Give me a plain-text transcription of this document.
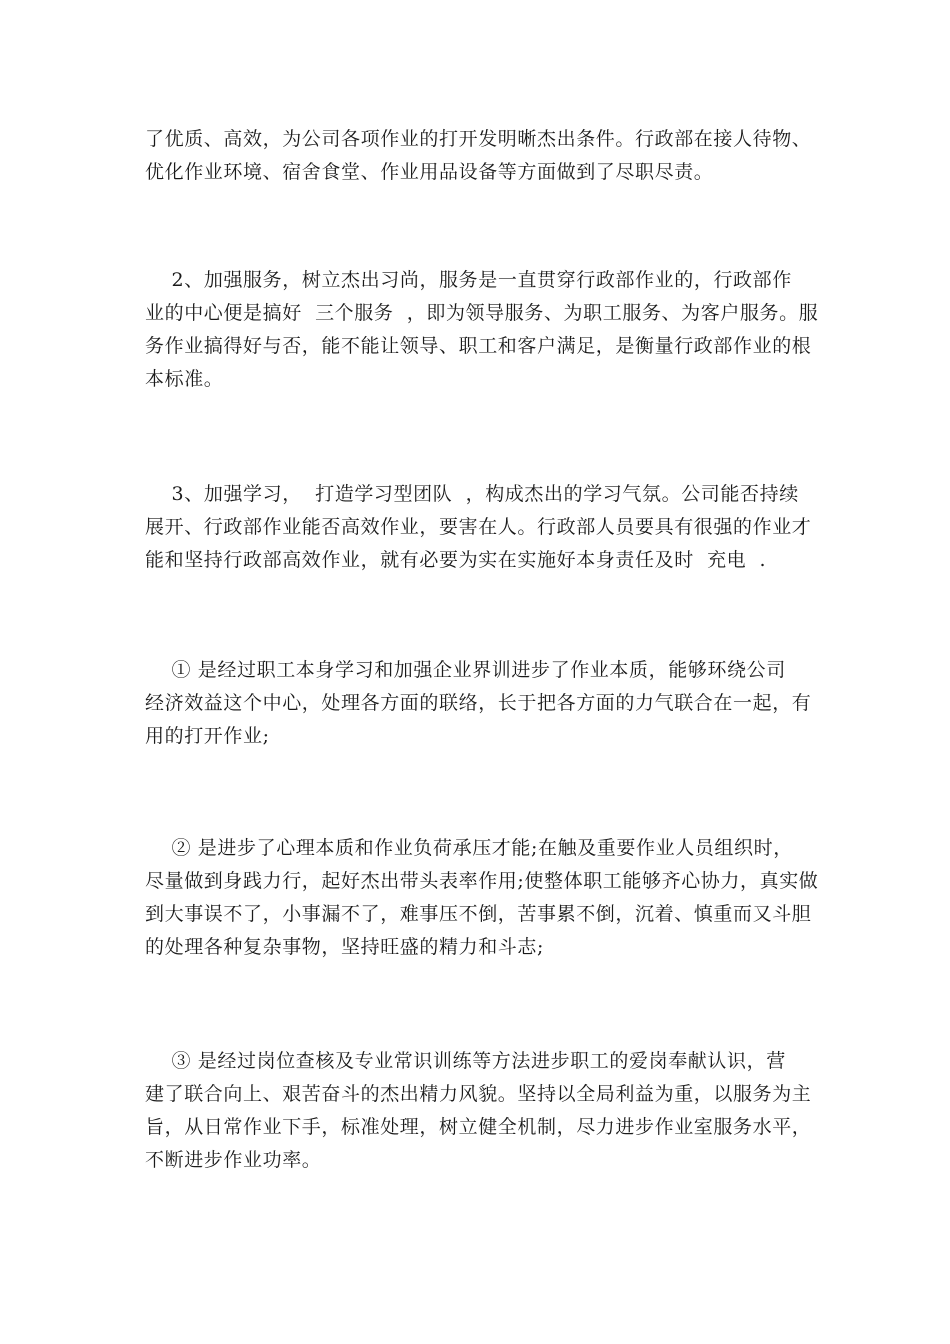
了优质、高效，为公司各项作业的打开发明晰杰出条件。行政部在接人待物、
优化作业环境、宿舍食堂、作业用品设备等方面做到了尽职尽责。
2、加强服务，树立杰出习尚，服务是一直贯穿行政部作业的，行政部作
业的中心便是搞好  三个服务  ，即为领导服务、为职工服务、为客户服务。服
务作业搞得好与否，能不能让领导、职工和客户满足，是衡量行政部作业的根
本标准。
3、加强学习，  打造学习型团队  ，构成杰出的学习气氛。公司能否持续
展开、行政部作业能否高效作业，要害在人。行政部人员要具有很强的作业才
能和坚持行政部高效作业，就有必要为实在实施好本身责任及时  充电  .
① 是经过职工本身学习和加强企业界训进步了作业本质，能够环绕公司
经济效益这个中心，处理各方面的联络，长于把各方面的力气联合在一起，有
用的打开作业;
② 是进步了心理本质和作业负荷承压才能;在触及重要作业人员组织时，
尽量做到身践力行，起好杰出带头表率作用;使整体职工能够齐心协力，真实做
到大事误不了，小事漏不了，难事压不倒，苦事累不倒，沉着、慎重而又斗胆
的处理各种复杂事物，坚持旺盛的精力和斗志;
③ 是经过岗位查核及专业常识训练等方法进步职工的爱岗奉献认识，营
建了联合向上、艰苦奋斗的杰出精力风貌。坚持以全局利益为重，以服务为主
旨，从日常作业下手，标准处理，树立健全机制，尽力进步作业室服务水平，
不断进步作业功率。
